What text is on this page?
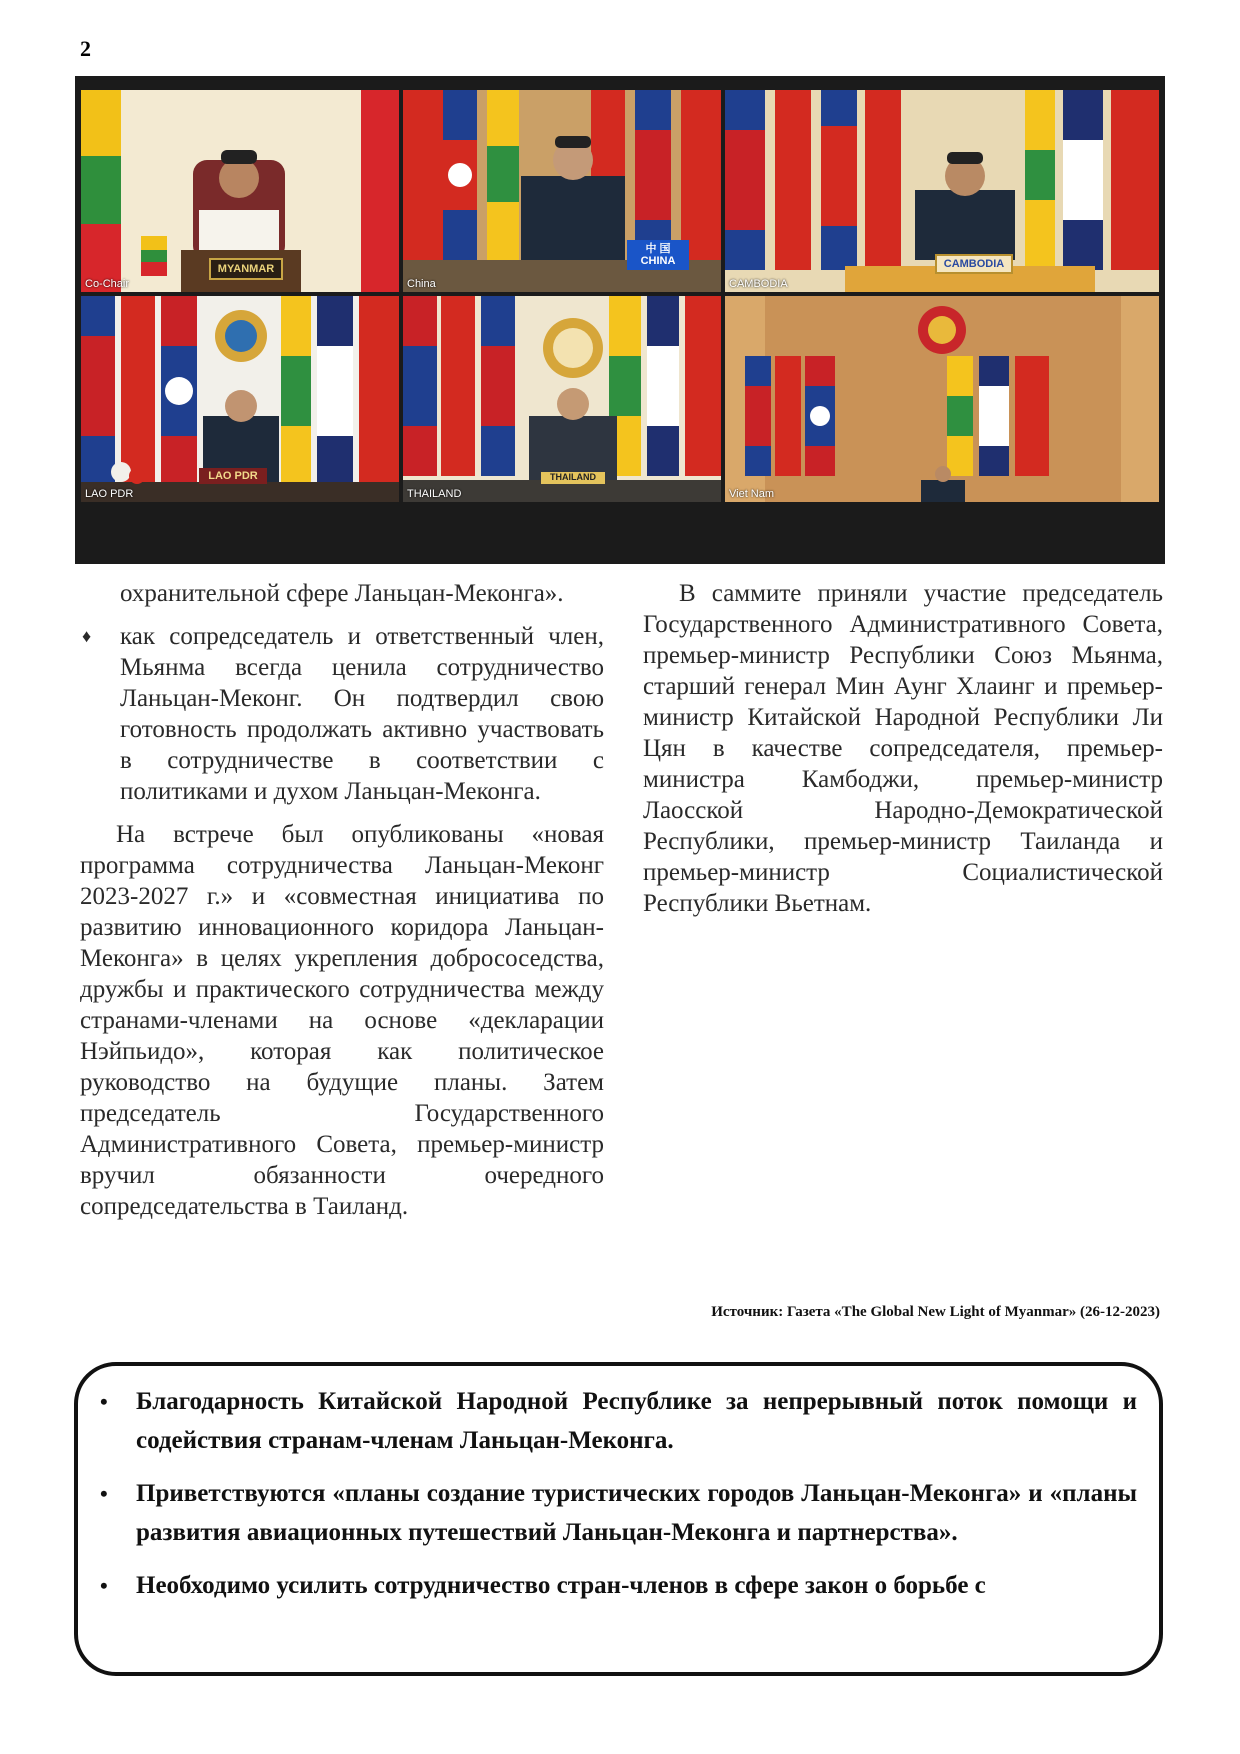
2
MYANMAR
Co-Chair
中 国
CHINA
China
CAMBODIA
CAMBODIA
LAO PDR
LAO PDR
THAILAND
THAILAND	Viet Nam

охранительной сфере Ланьцан-Меконга».

♦ как сопредседатель и ответственный член, Мьянма всегда ценила сотрудничество Ланьцан-Меконг. Он подтвердил свою готовность продолжать активно участвовать в сотрудничестве в соответствии с политиками и духом Ланьцан-Меконга.

На встрече был опубликованы «новая программа сотрудничества Ланьцан-Меконг 2023-2027 г.» и «совместная инициатива по развитию инновационного коридора Ланьцан-Меконга» в целях укрепления добрососедства, дружбы и практического сотрудничества между странами-членами на основе «декларации Нэйпьидо», которая как политическое руководство на будущие планы. Затем председатель Государственного Административного Совета, премьер-министр вручил обязанности очередного сопредседательства в Таиланд.

В саммите приняли участие председатель Государственного Административного Совета, премьер-министр Республики Союз Мьянма, старший генерал Мин Аунг Хлаинг и премьер-министр Китайской Народной Республики Ли Цян в качестве сопредседателя, премьер-министра Камбоджи, премьер-министр Лаосской Народно-Демократической Республики, премьер-министр Таиланда и премьер-министр Социалистической Республики Вьетнам.

Источник: Газета «The Global New Light of Myanmar» (26-12-2023)
• Благодарность Китайской Народной Республике за непрерывный поток помощи и содействия странам-членам Ланьцан-Меконга.
• Приветствуются «планы создание туристических городов Ланьцан-Меконга» и «планы развития авиационных путешествий Ланьцан-Меконга и партнерства».
• Необходимо усилить сотрудничество стран-членов в сфере закон о борьбе с
